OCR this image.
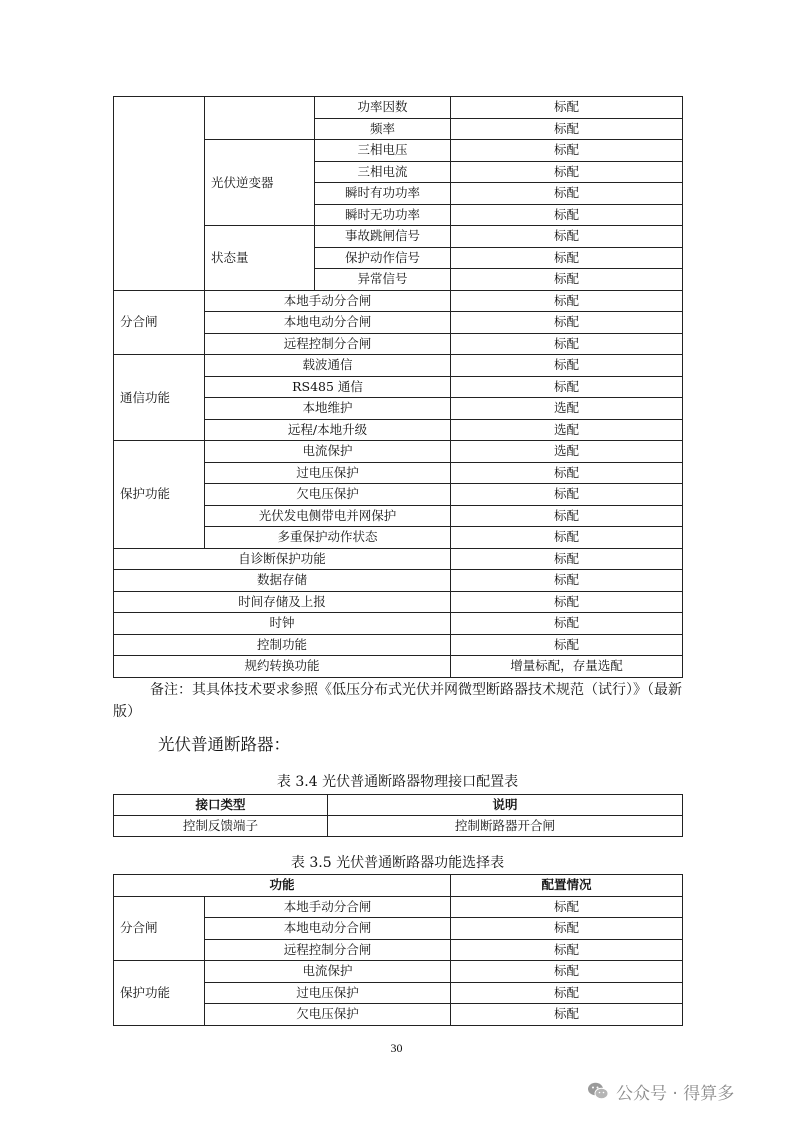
		功率因数	标配
		频率	标配
	光伏逆变器	三相电压	标配
		三相电流	标配
		瞬时有功功率	标配
		瞬时无功功率	标配
	状态量	事故跳闸信号	标配
		保护动作信号	标配
		异常信号	标配
分合闸	本地手动分合闸		标配
	本地电动分合闸		标配
	远程控制分合闸		标配
通信功能	载波通信		标配
	RS485 通信		标配
	本地维护		选配
	远程/本地升级		选配
保护功能	电流保护		选配
	过电压保护		标配
	欠电压保护		标配
	光伏发电侧带电并网保护		标配
	多重保护动作状态		标配
自诊断保护功能			标配
数据存储			标配
时间存储及上报			标配
时钟			标配
控制功能			标配
规约转换功能			增量标配，存量选配

备注：其具体技术要求参照《低压分布式光伏并网微型断路器技术规范（试行）》（最新版）

光伏普通断路器：

表 3.4 光伏普通断路器物理接口配置表

接口类型	说明
控制反馈端子	控制断路器开合闸

表 3.5 光伏普通断路器功能选择表

功能		配置情况
分合闸	本地手动分合闸	标配
	本地电动分合闸	标配
	远程控制分合闸	标配
保护功能	电流保护	标配
	过电压保护	标配
	欠电压保护	标配
30
公众号 · 得算多
